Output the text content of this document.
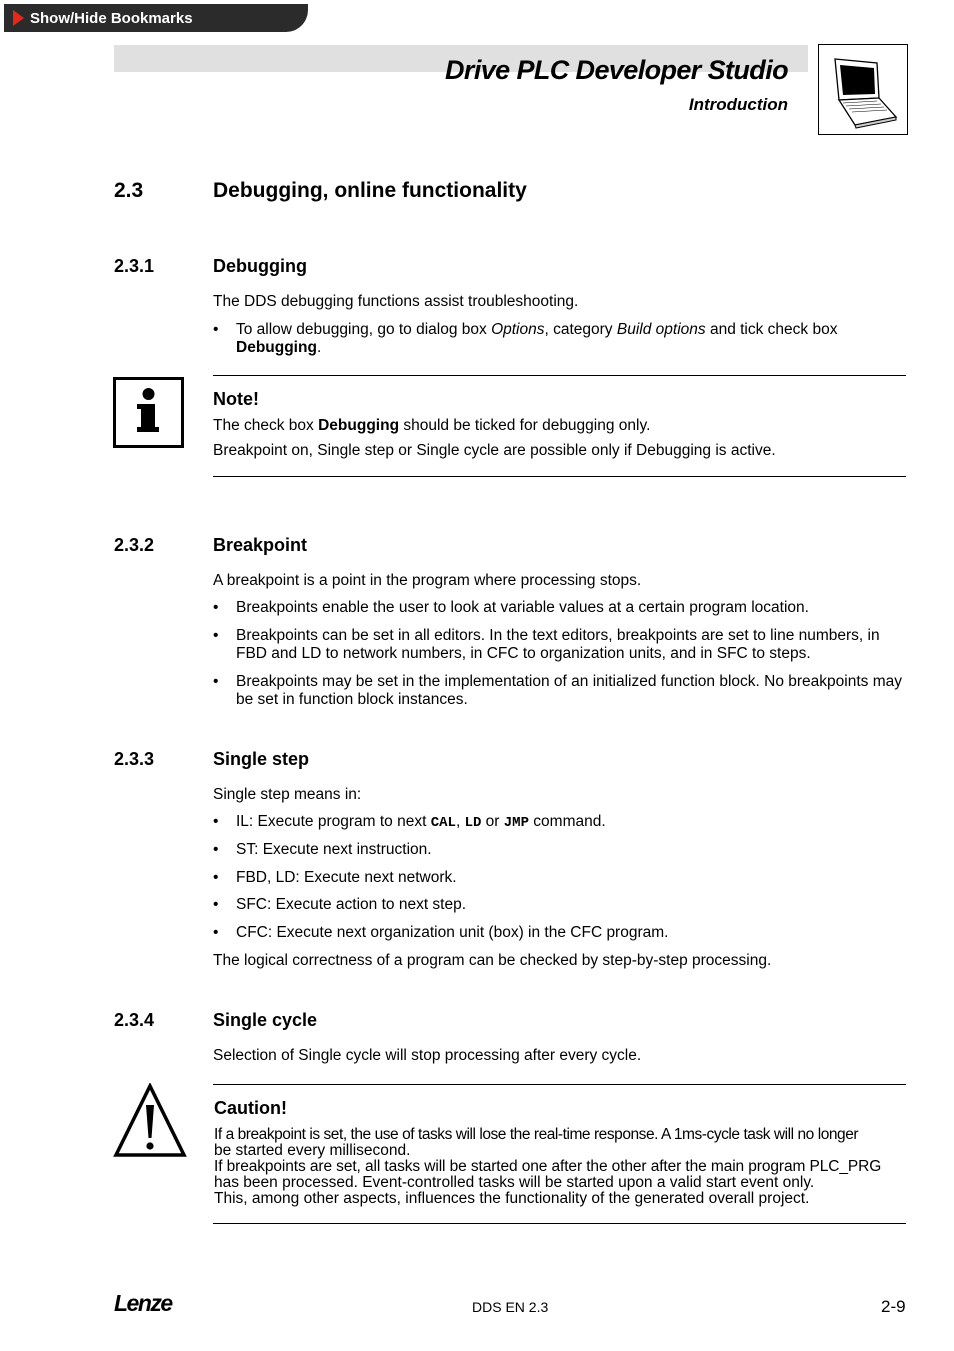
Show/Hide Bookmarks
Drive PLC Developer Studio
Introduction
2.3	Debugging, online functionality
2.3.1	Debugging
The DDS debugging functions assist troubleshooting.
• To allow debugging, go to dialog box Options, category Build options and tick check box Debugging.
Note!
The check box Debugging should be ticked for debugging only.
Breakpoint on, Single step or Single cycle are possible only if Debugging is active.
2.3.2	Breakpoint
A breakpoint is a point in the program where processing stops.
• Breakpoints enable the user to look at variable values at a certain program location.
• Breakpoints can be set in all editors. In the text editors, breakpoints are set to line numbers, in FBD and LD to network numbers, in CFC to organization units, and in SFC to steps.
• Breakpoints may be set in the implementation of an initialized function block. No breakpoints may be set in function block instances.
2.3.3	Single step
Single step means in:
• IL: Execute program to next CAL, LD or JMP command.
• ST: Execute next instruction.
• FBD, LD: Execute next network.
• SFC: Execute action to next step.
• CFC: Execute next organization unit (box) in the CFC program.
The logical correctness of a program can be checked by step-by-step processing.
2.3.4	Single cycle
Selection of Single cycle will stop processing after every cycle.
Caution!
If a breakpoint is set, the use of tasks will lose the real-time response. A 1ms-cycle task will no longer
be started every millisecond.
If breakpoints are set, all tasks will be started one after the other after the main program PLC_PRG
has been processed. Event-controlled tasks will be started upon a valid start event only.
This, among other aspects, influences the functionality of the generated overall project.
Lenze	DDS EN 2.3	2-9
